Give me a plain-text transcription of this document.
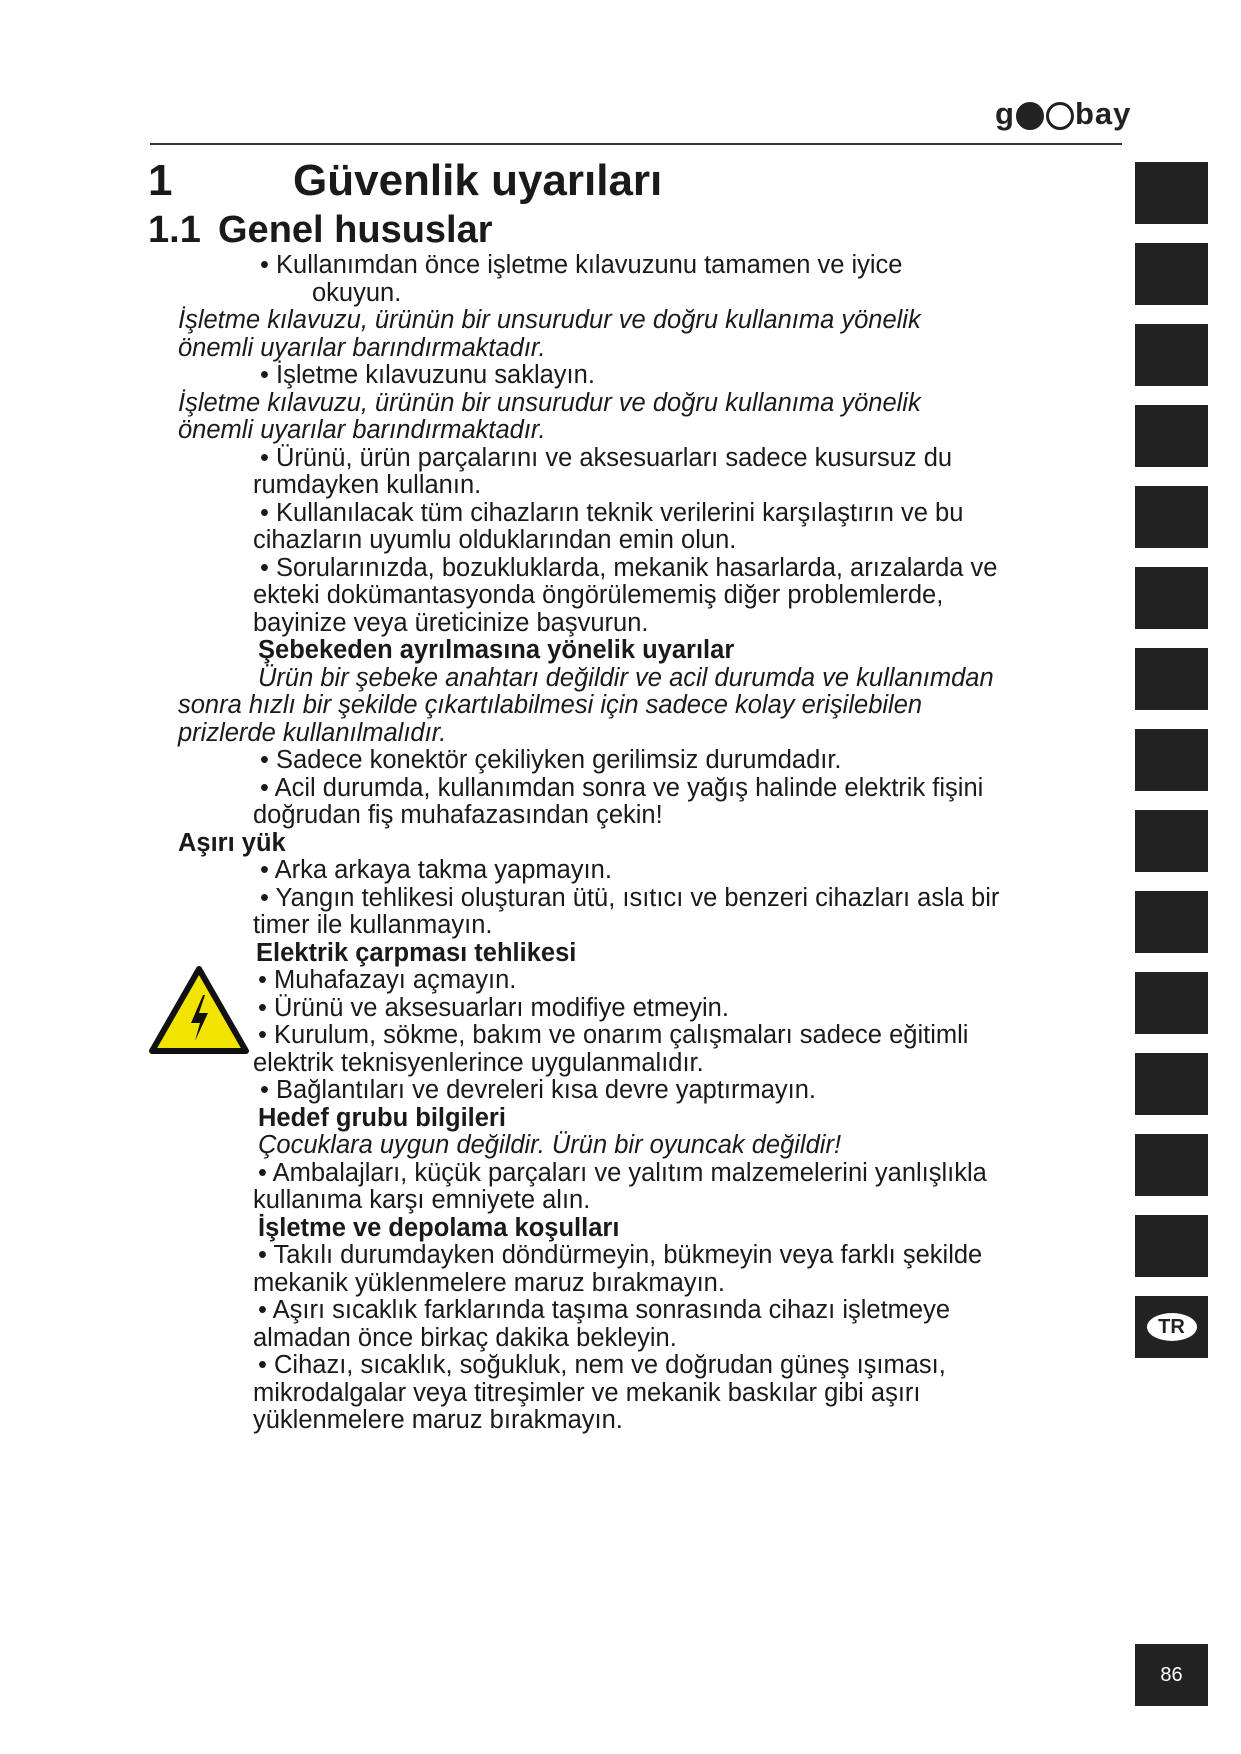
g bay
1	Güvenlik uyarıları
1.1 Genel hususlar
• Kullanımdan önce işletme kılavuzunu tamamen ve iyice
okuyun.
İşletme kılavuzu, ürünün bir unsurudur ve doğru kullanıma yönelik
önemli uyarılar barındırmaktadır.
• İşletme kılavuzunu saklayın.
İşletme kılavuzu, ürünün bir unsurudur ve doğru kullanıma yönelik
önemli uyarılar barındırmaktadır.
• Ürünü, ürün parçalarını ve aksesuarları sadece kusursuz du
rumdayken kullanın.
• Kullanılacak tüm cihazların teknik verilerini karşılaştırın ve bu
cihazların uyumlu olduklarından emin olun.
• Sorularınızda, bozukluklarda, mekanik hasarlarda, arızalarda ve
ekteki dokümantasyonda öngörülememiş diğer problemlerde,
bayinize veya üreticinize başvurun.
Şebekeden ayrılmasına yönelik uyarılar
Ürün bir şebeke anahtarı değildir ve acil durumda ve kullanımdan
sonra hızlı bir şekilde çıkartılabilmesi için sadece kolay erişilebilen
prizlerde kullanılmalıdır.
• Sadece konektör çekiliyken gerilimsiz durumdadır.
• Acil durumda, kullanımdan sonra ve yağış halinde elektrik fişini
doğrudan fiş muhafazasından çekin!
Aşırı yük
• Arka arkaya takma yapmayın.
• Yangın tehlikesi oluşturan ütü, ısıtıcı ve benzeri cihazları asla bir
timer ile kullanmayın.
Elektrik çarpması tehlikesi
• Muhafazayı açmayın.
• Ürünü ve aksesuarları modifiye etmeyin.
• Kurulum, sökme, bakım ve onarım çalışmaları sadece eğitimli
elektrik teknisyenlerince uygulanmalıdır.
• Bağlantıları ve devreleri kısa devre yaptırmayın.
Hedef grubu bilgileri
Çocuklara uygun değildir. Ürün bir oyuncak değildir!
• Ambalajları, küçük parçaları ve yalıtım malzemelerini yanlışlıkla
kullanıma karşı emniyete alın.
İşletme ve depolama koşulları
• Takılı durumdayken döndürmeyin, bükmeyin veya farklı şekilde
mekanik yüklenmelere maruz bırakmayın.
• Aşırı sıcaklık farklarında taşıma sonrasında cihazı işletmeye
almadan önce birkaç dakika bekleyin.
• Cihazı, sıcaklık, soğukluk, nem ve doğrudan güneş ışıması,
mikrodalgalar veya titreşimler ve mekanik baskılar gibi aşırı
yüklenmelere maruz bırakmayın.
TR
86
